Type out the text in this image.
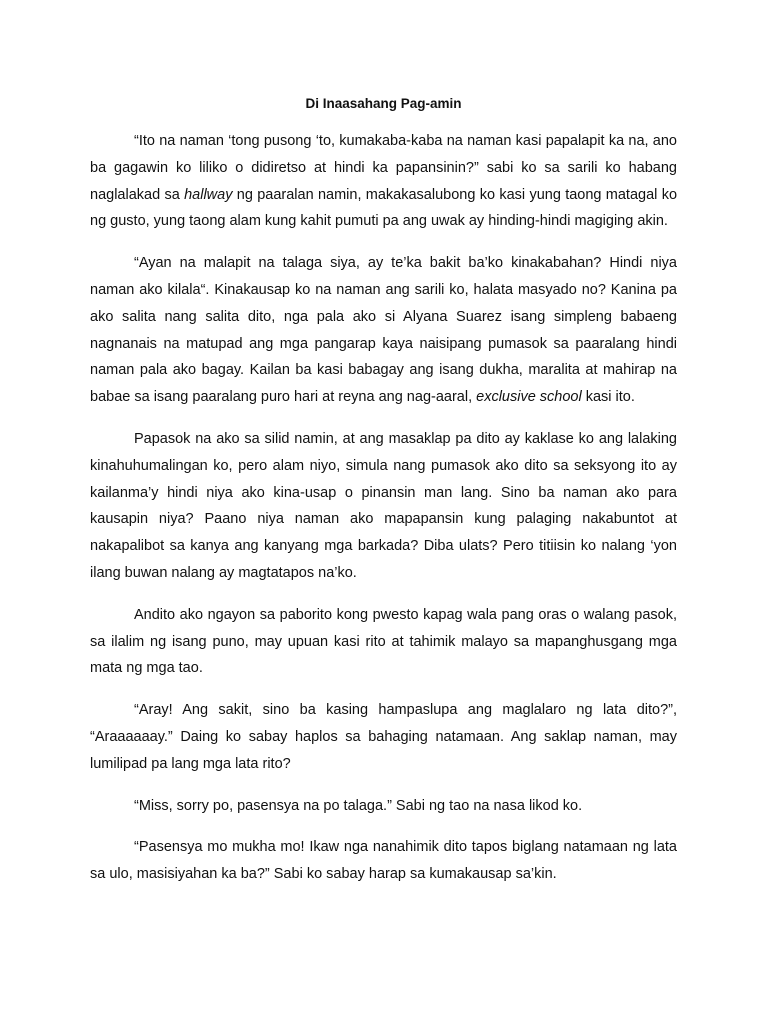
Di Inaasahang Pag-amin

“Ito na naman ‘tong pusong ‘to, kumakaba-kaba na naman kasi papalapit ka na, ano ba gagawin ko liliko o didiretso at hindi ka papansinin?” sabi ko sa sarili ko habang naglalakad sa hallway ng paaralan namin, makakasalubong ko kasi yung taong matagal ko ng gusto, yung taong alam kung kahit pumuti pa ang uwak ay hinding-hindi magiging akin.

“Ayan na malapit na talaga siya, ay te’ka bakit ba’ko kinakabahan? Hindi niya naman ako kilala“. Kinakausap ko na naman ang sarili ko, halata masyado no? Kanina pa ako salita nang salita dito, nga pala ako si Alyana Suarez isang simpleng babaeng nagnanais na matupad ang mga pangarap kaya naisipang pumasok sa paaralang hindi naman pala ako bagay. Kailan ba kasi babagay ang isang dukha, maralita at mahirap na babae sa isang paaralang puro hari at reyna ang nag-aaral, exclusive school kasi ito.

Papasok na ako sa silid namin, at ang masaklap pa dito ay kaklase ko ang lalaking kinahuhumalingan ko, pero alam niyo, simula nang pumasok ako dito sa seksyong ito ay kailanma’y hindi niya ako kina-usap o pinansin man lang. Sino ba naman ako para kausapin niya? Paano niya naman ako mapapansin kung palaging nakabuntot at nakapalibot sa kanya ang kanyang mga barkada? Diba ulats? Pero titiisin ko nalang ‘yon ilang buwan nalang ay magtatapos na’ko.

Andito ako ngayon sa paborito kong pwesto kapag wala pang oras o walang pasok, sa ilalim ng isang puno, may upuan kasi rito at tahimik malayo sa mapanghusgang mga mata ng mga tao.

“Aray! Ang sakit, sino ba kasing hampaslupa ang maglalaro ng lata dito?”, “Araaaaaay.” Daing ko sabay haplos sa bahaging natamaan. Ang saklap naman, may lumilipad pa lang mga lata rito?

“Miss, sorry po, pasensya na po talaga.” Sabi ng tao na nasa likod ko.

“Pasensya mo mukha mo! Ikaw nga nanahimik dito tapos biglang natamaan ng lata sa ulo, masisiyahan ka ba?” Sabi ko sabay harap sa kumakausap sa’kin.
